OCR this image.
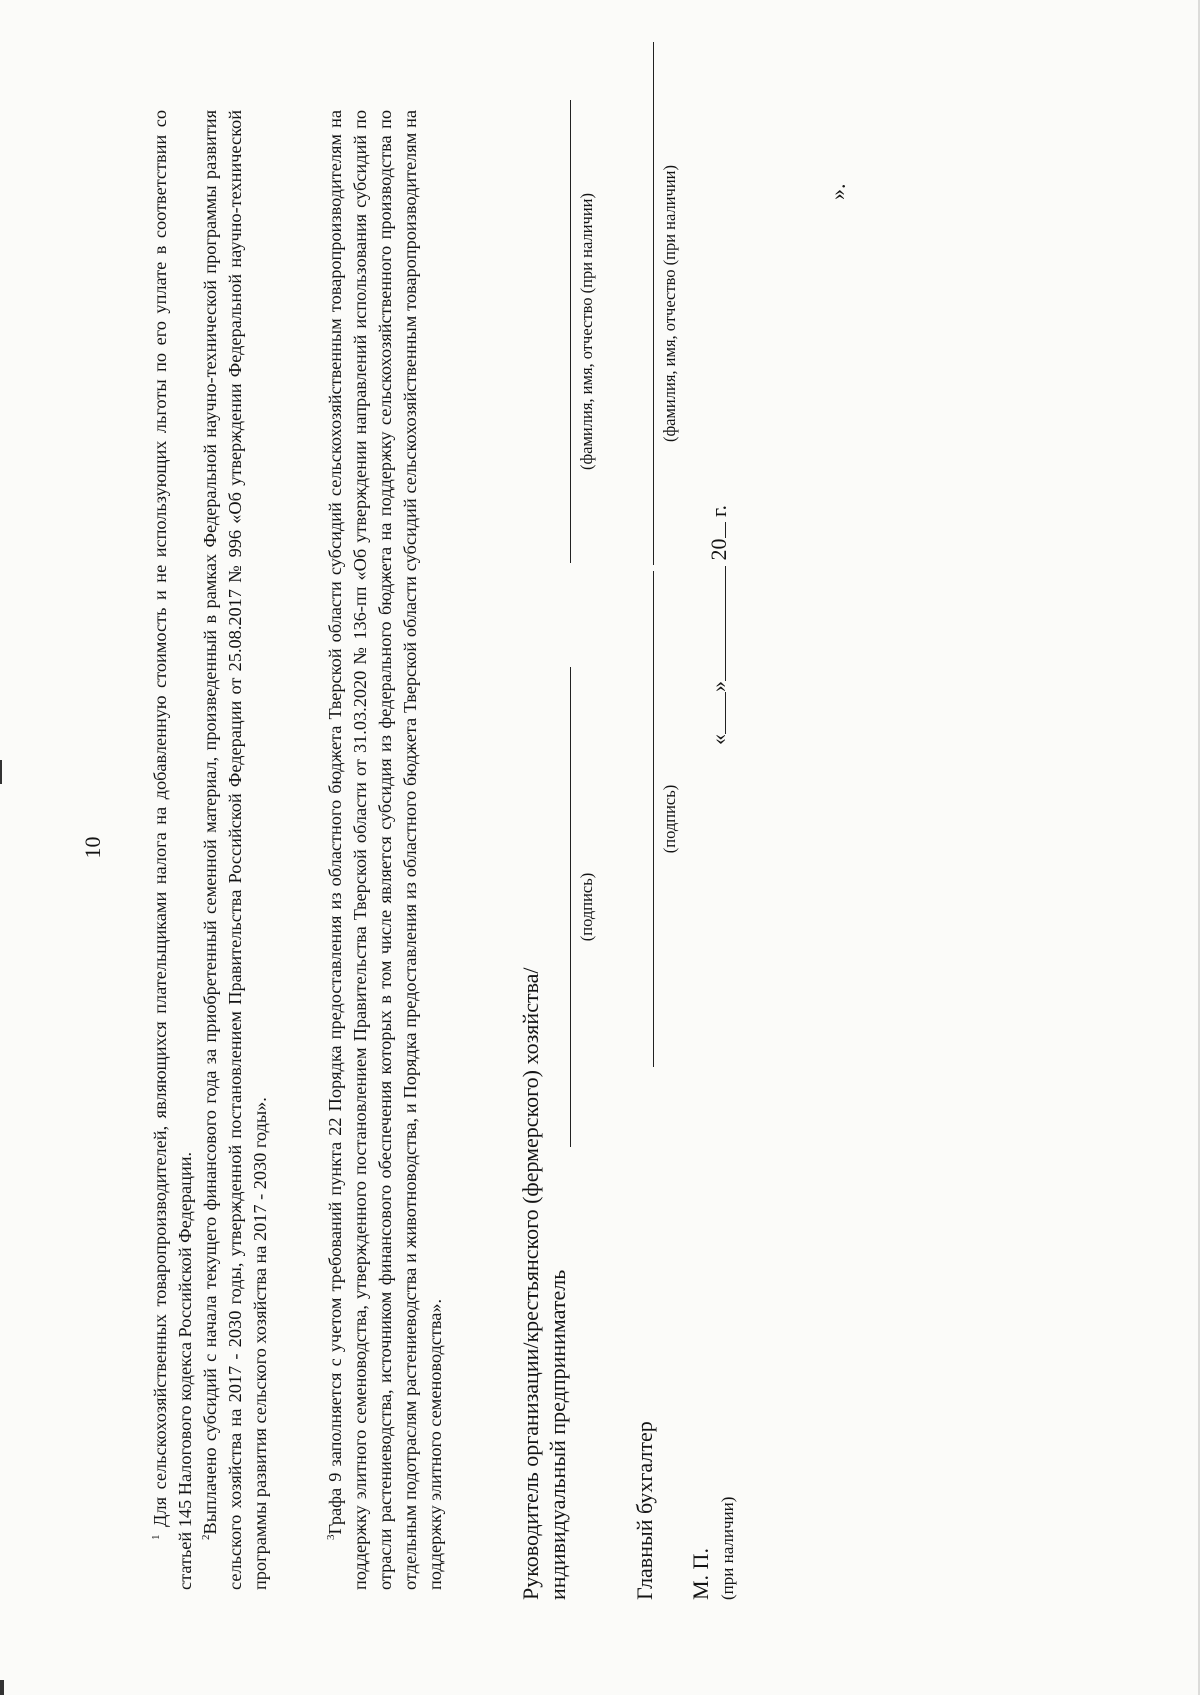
10

$^1$ Для сельскохозяйственных товаропроизводителей, являющихся плательщиками налога на добавленную стоимость и не использующих льготы по его уплате в соответствии со статьей 145 Налогового кодекса Российской Федерации. $^2$Выплачено субсидий с начала текущего финансового года за приобретенный семенной материал, произведенный в рамках Федеральной научно-технической программы развития сельского хозяйства на 2017 - 2030 годы, утвержденной постановлением Правительства Российской Федерации от 25.08.2017 № 996 «Об утверждении Федеральной научно-технической программы развития сельского хозяйства на 2017 - 2030 годы».	$^3$Графа 9 заполняется с учетом требований пункта 22 Порядка предоставления из областного бюджета Тверской области субсидий сельскохозяйственным товаропроизводителям на поддержку элитного семеноводства, утвержденного постановлением Правительства Тверской области от 31.03.2020 № 136-пп «Об утверждении направлений использования субсидий по отрасли растениеводства, источником финансового обеспечения которых в том числе является субсидия из федерального бюджета на поддержку сельскохозяйственного производства по отдельным подотраслям растениеводства и животноводства, и Порядка предоставления из областного бюджета Тверской области субсидий сельскохозяйственным товаропроизводителям на поддержку элитного семеноводства».	Руководитель организации/крестьянского (фермерского) хозяйства/ индивидуальный предприниматель
(подпись)
(фамилия, имя, отчество (при наличии)
Главный бухгалтер
(подпись)
(фамилия, имя, отчество (при наличии)
М. П. (при наличии)
«» 20 г.
».
